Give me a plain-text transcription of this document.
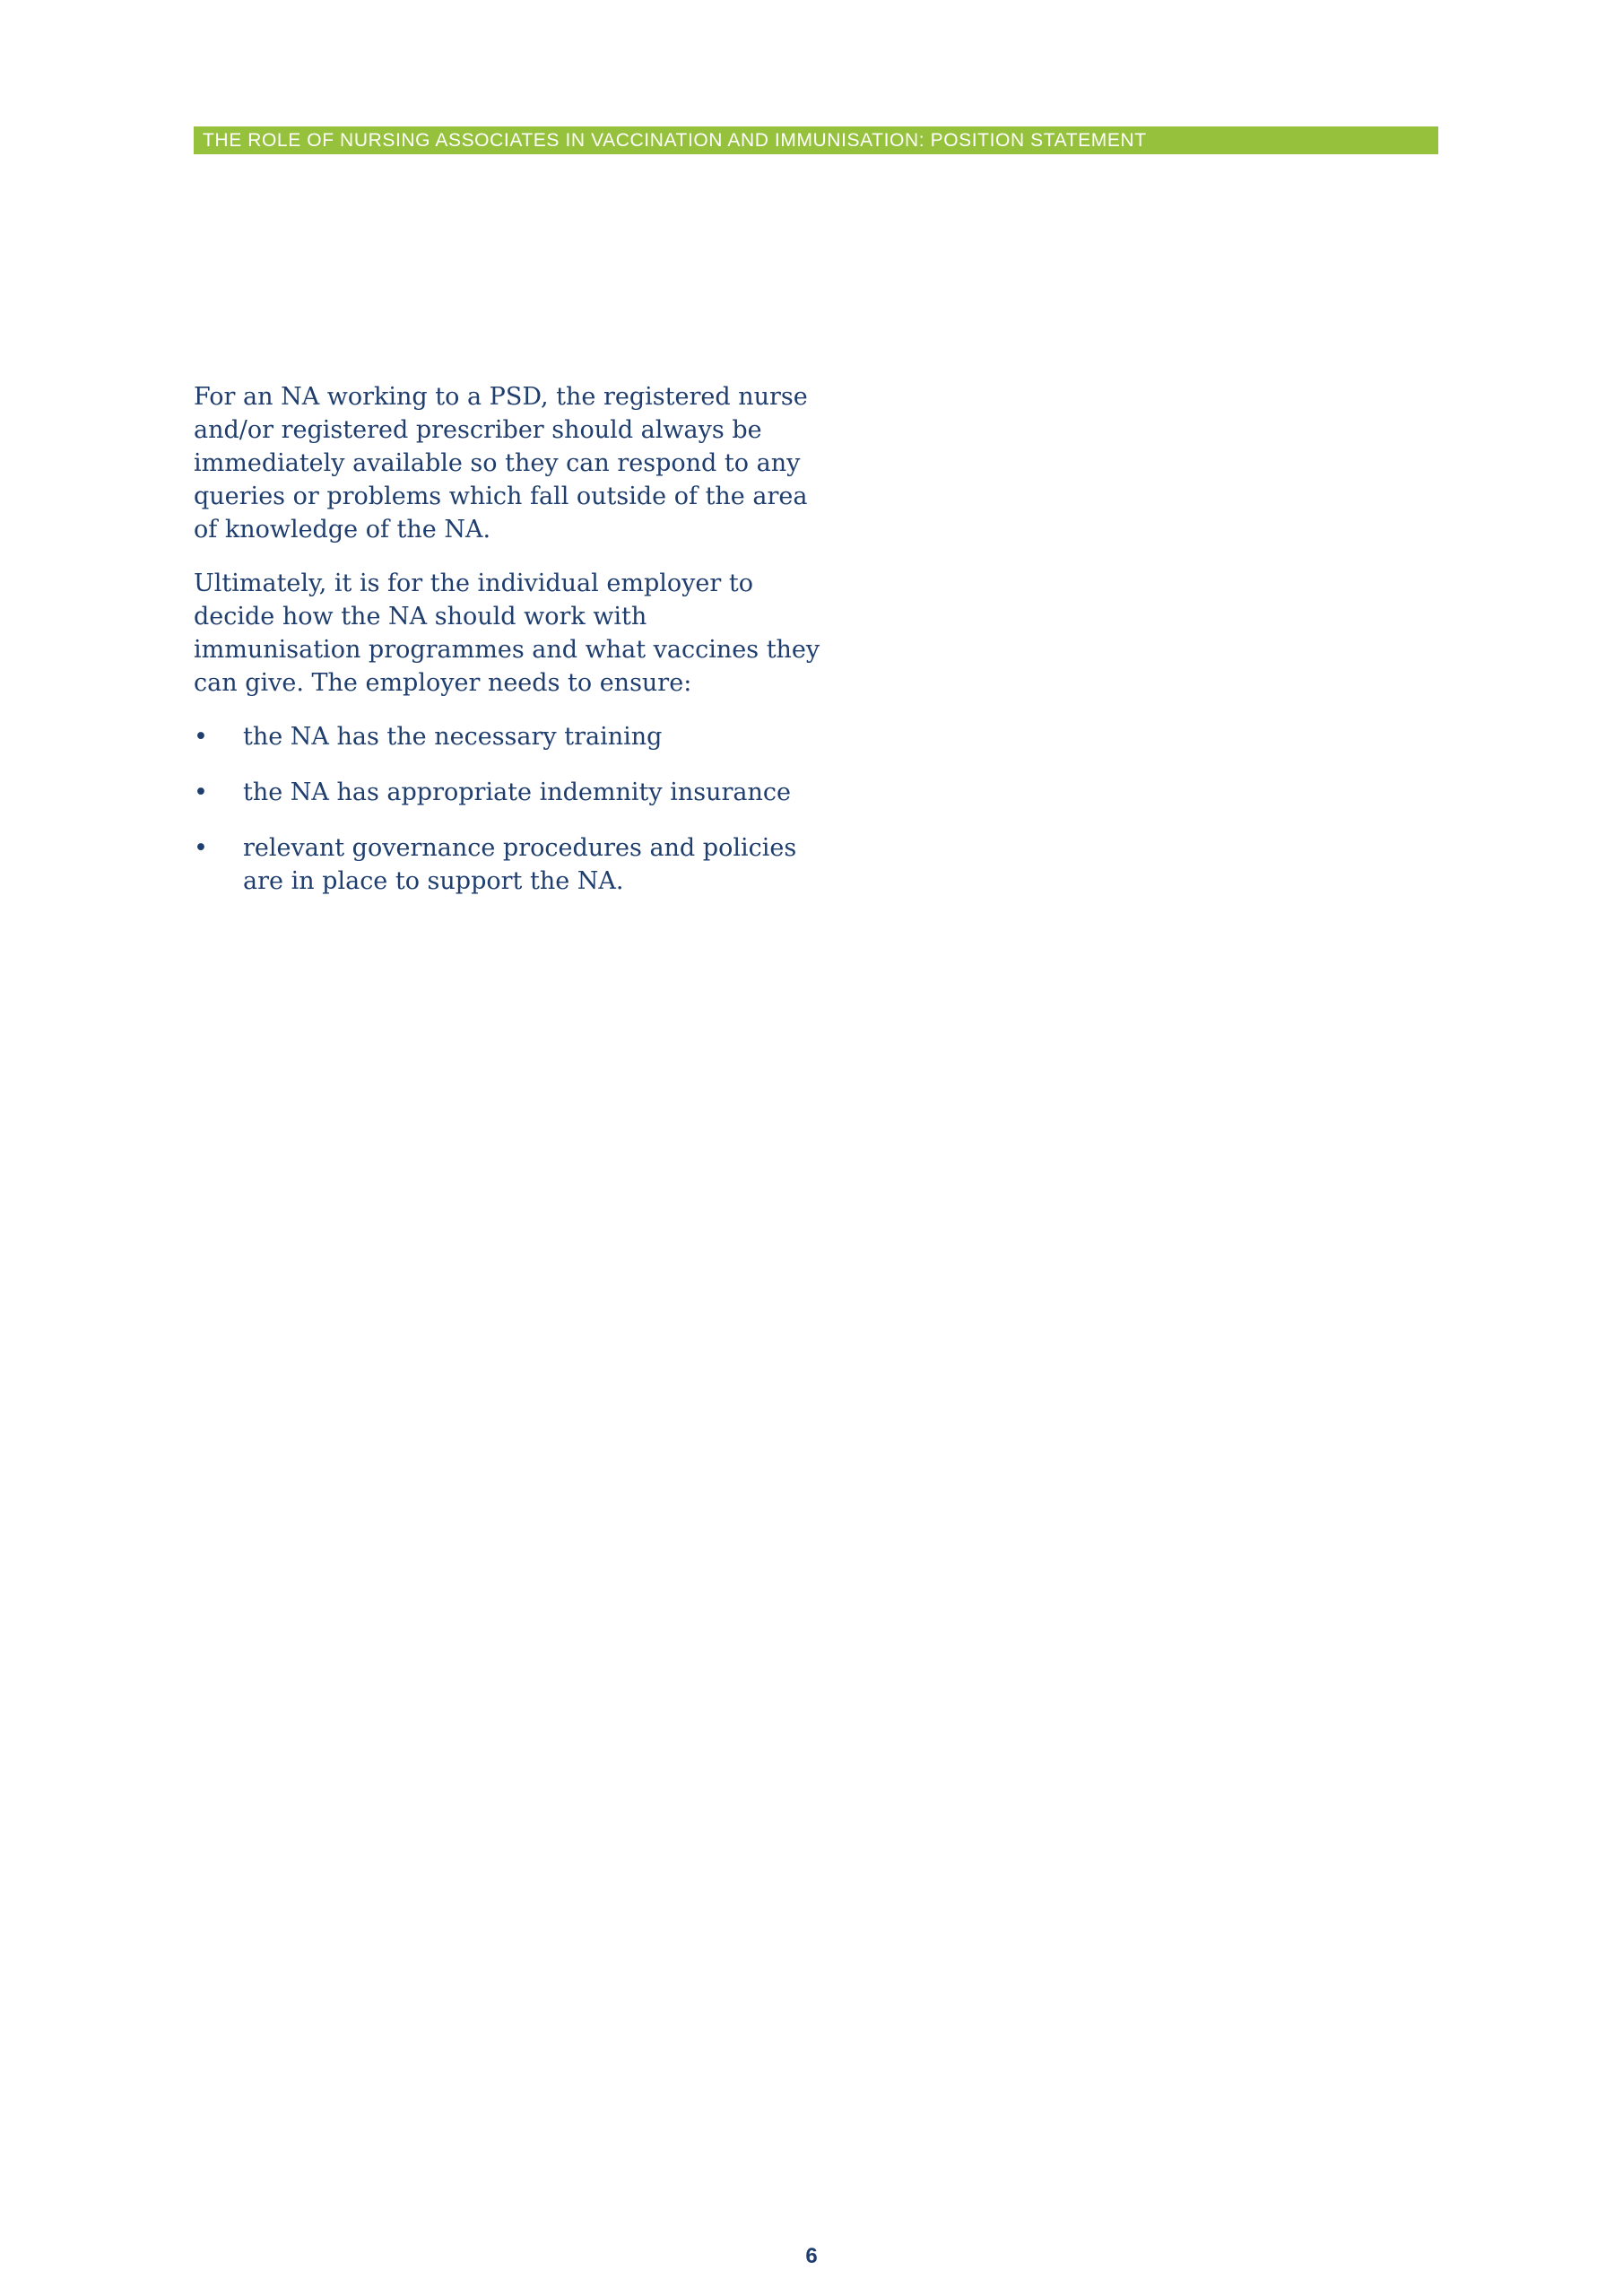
THE ROLE OF NURSING ASSOCIATES IN VACCINATION AND IMMUNISATION: POSITION STATEMENT

For an NA working to a PSD, the registered nurse and/or registered prescriber should always be immediately available so they can respond to any queries or problems which fall outside of the area of knowledge of the NA.

Ultimately, it is for the individual employer to decide how the NA should work with immunisation programmes and what vaccines they can give. The employer needs to ensure:

• the NA has the necessary training
• the NA has appropriate indemnity insurance
• relevant governance procedures and policies are in place to support the NA.
6
